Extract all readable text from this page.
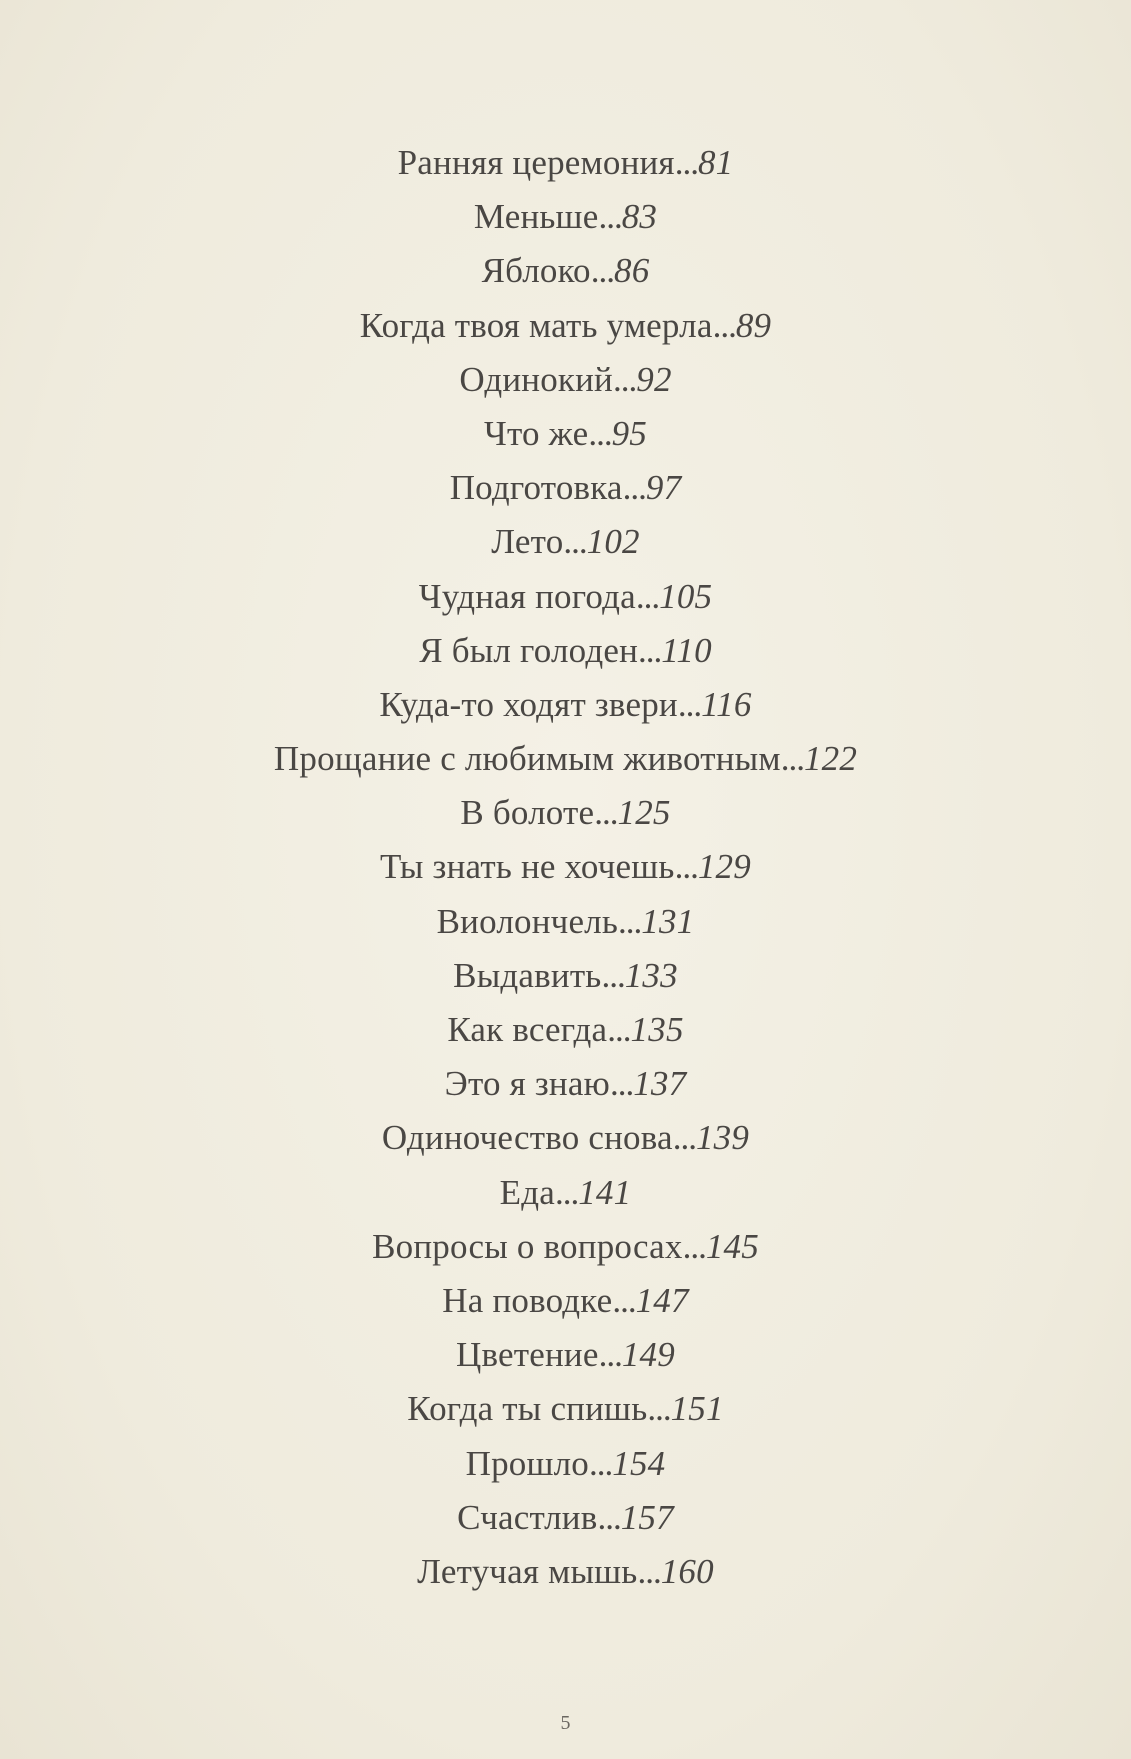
Ранняя церемония...81
Меньше...83
Яблоко...86
Когда твоя мать умерла...89
Одинокий...92
Что же...95
Подготовка...97
Лето...102
Чудная погода...105
Я был голоден...110
Куда-то ходят звери...116
Прощание с любимым животным...122
В болоте...125
Ты знать не хочешь...129
Виолончель...131
Выдавить...133
Как всегда...135
Это я знаю...137
Одиночество снова...139
Еда...141
Вопросы о вопросах...145
На поводке...147
Цветение...149
Когда ты спишь...151
Прошло...154
Счастлив...157
Летучая мышь...160
5
